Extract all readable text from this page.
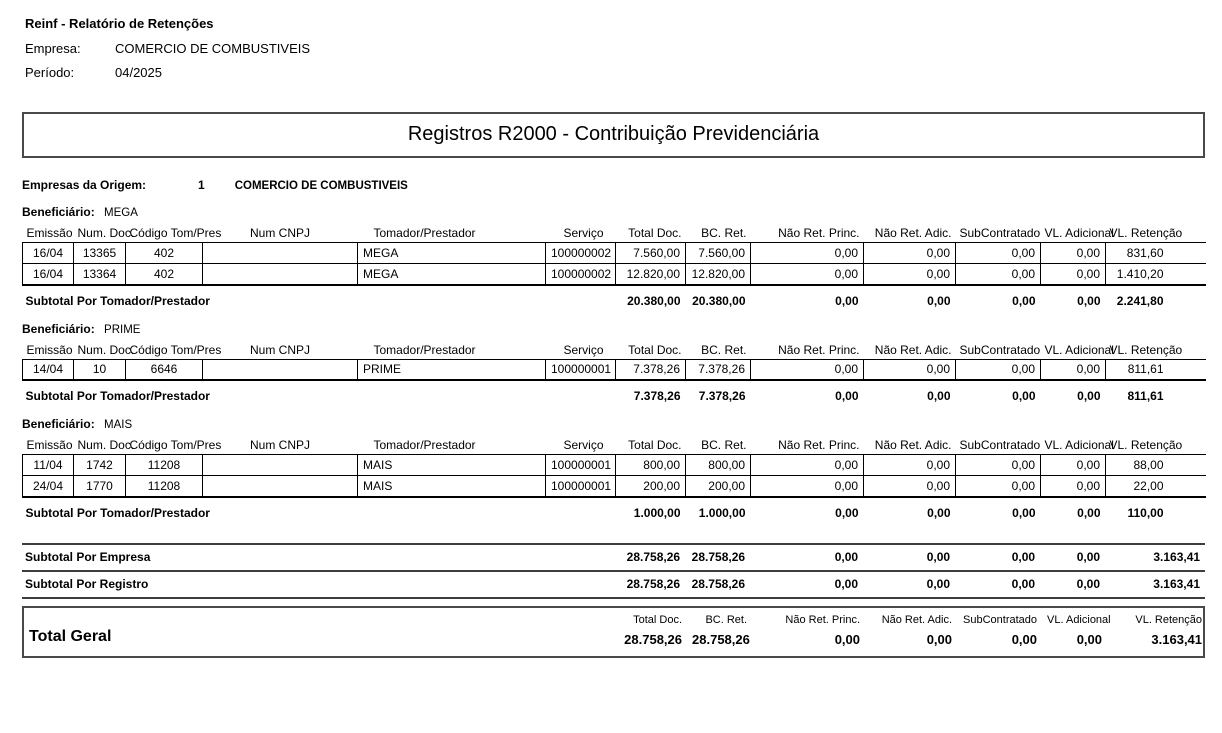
Reinf - Relatório de Retenções
Empresa:	COMERCIO DE COMBUSTIVEIS
Período:	04/2025
Registros R2000 - Contribuição Previdenciária
Empresas da Origem:	1	COMERCIO DE COMBUSTIVEIS
Beneficiário: MEGA
Emissão	Num. Doc.	Código Tom/Pres	Num CNPJ	Tomador/Prestador	Serviço	Total Doc.	BC. Ret.	Não Ret. Princ.	Não Ret. Adic.	SubContratado	VL. Adicional	VL. Retenção
16/04	13365	402		MEGA	100000002	7.560,00	7.560,00	0,00	0,00	0,00	0,00	831,60
16/04	13364	402		MEGA	100000002	12.820,00	12.820,00	0,00	0,00	0,00	0,00	1.410,20
Subtotal Por Tomador/Prestador						20.380,00	20.380,00	0,00	0,00	0,00	0,00	2.241,80
Beneficiário: PRIME
Emissão	Num. Doc.	Código Tom/Pres	Num CNPJ	Tomador/Prestador	Serviço	Total Doc.	BC. Ret.	Não Ret. Princ.	Não Ret. Adic.	SubContratado	VL. Adicional	VL. Retenção
14/04	10	6646		PRIME	100000001	7.378,26	7.378,26	0,00	0,00	0,00	0,00	811,61
Subtotal Por Tomador/Prestador						7.378,26	7.378,26	0,00	0,00	0,00	0,00	811,61
Beneficiário: MAIS
Emissão	Num. Doc.	Código Tom/Pres	Num CNPJ	Tomador/Prestador	Serviço	Total Doc.	BC. Ret.	Não Ret. Princ.	Não Ret. Adic.	SubContratado	VL. Adicional	VL. Retenção
11/04	1742	11208		MAIS	100000001	800,00	800,00	0,00	0,00	0,00	0,00	88,00
24/04	1770	11208		MAIS	100000001	200,00	200,00	0,00	0,00	0,00	0,00	22,00
Subtotal Por Tomador/Prestador						1.000,00	1.000,00	0,00	0,00	0,00	0,00	110,00
Subtotal Por Empresa	28.758,26	28.758,26	0,00	0,00	0,00	0,00	3.163,41
Subtotal Por Registro	28.758,26	28.758,26	0,00	0,00	0,00	0,00	3.163,41
Total Geral	Total Doc.	BC. Ret.	Não Ret. Princ.	Não Ret. Adic.	SubContratado	VL. Adicional	VL. Retenção
	28.758,26	28.758,26	0,00	0,00	0,00	0,00	3.163,41
